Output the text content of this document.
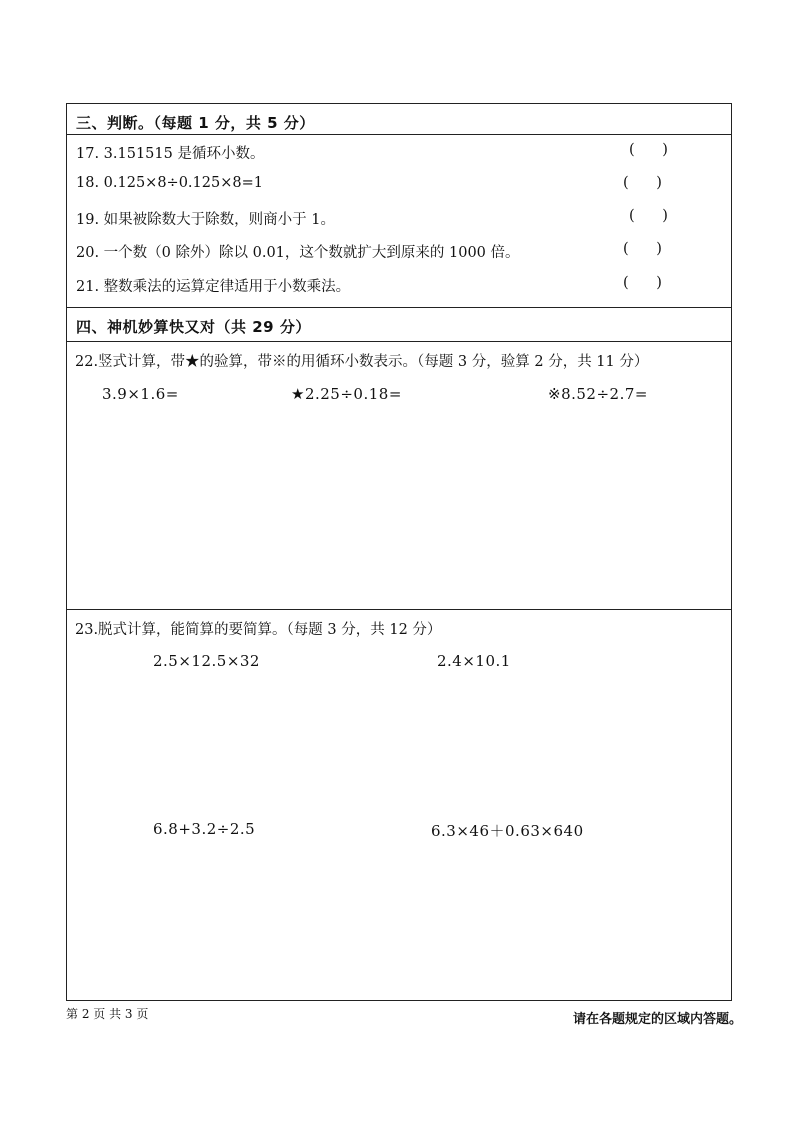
三、判断。（每题 1 分，共 5 分）
17. 3.151515 是循环小数。	(      )
18. 0.125×8÷0.125×8=1	(      )
19. 如果被除数大于除数，则商小于 1。	(      )
20. 一个数（0 除外）除以 0.01，这个数就扩大到原来的 1000 倍。	(      )
21. 整数乘法的运算定律适用于小数乘法。	(      )
四、神机妙算快又对（共 29 分）
22.竖式计算，带★的验算，带※的用循环小数表示。（每题 3 分，验算 2 分，共 11 分）
3.9×1.6=	★2.25÷0.18=	※8.52÷2.7=
23.脱式计算，能简算的要简算。（每题 3 分，共 12 分）
2.5×12.5×32	2.4×10.1
6.8+3.2÷2.5	6.3×46＋0.63×640
第 2 页 共 3 页	请在各题规定的区域内答题。
